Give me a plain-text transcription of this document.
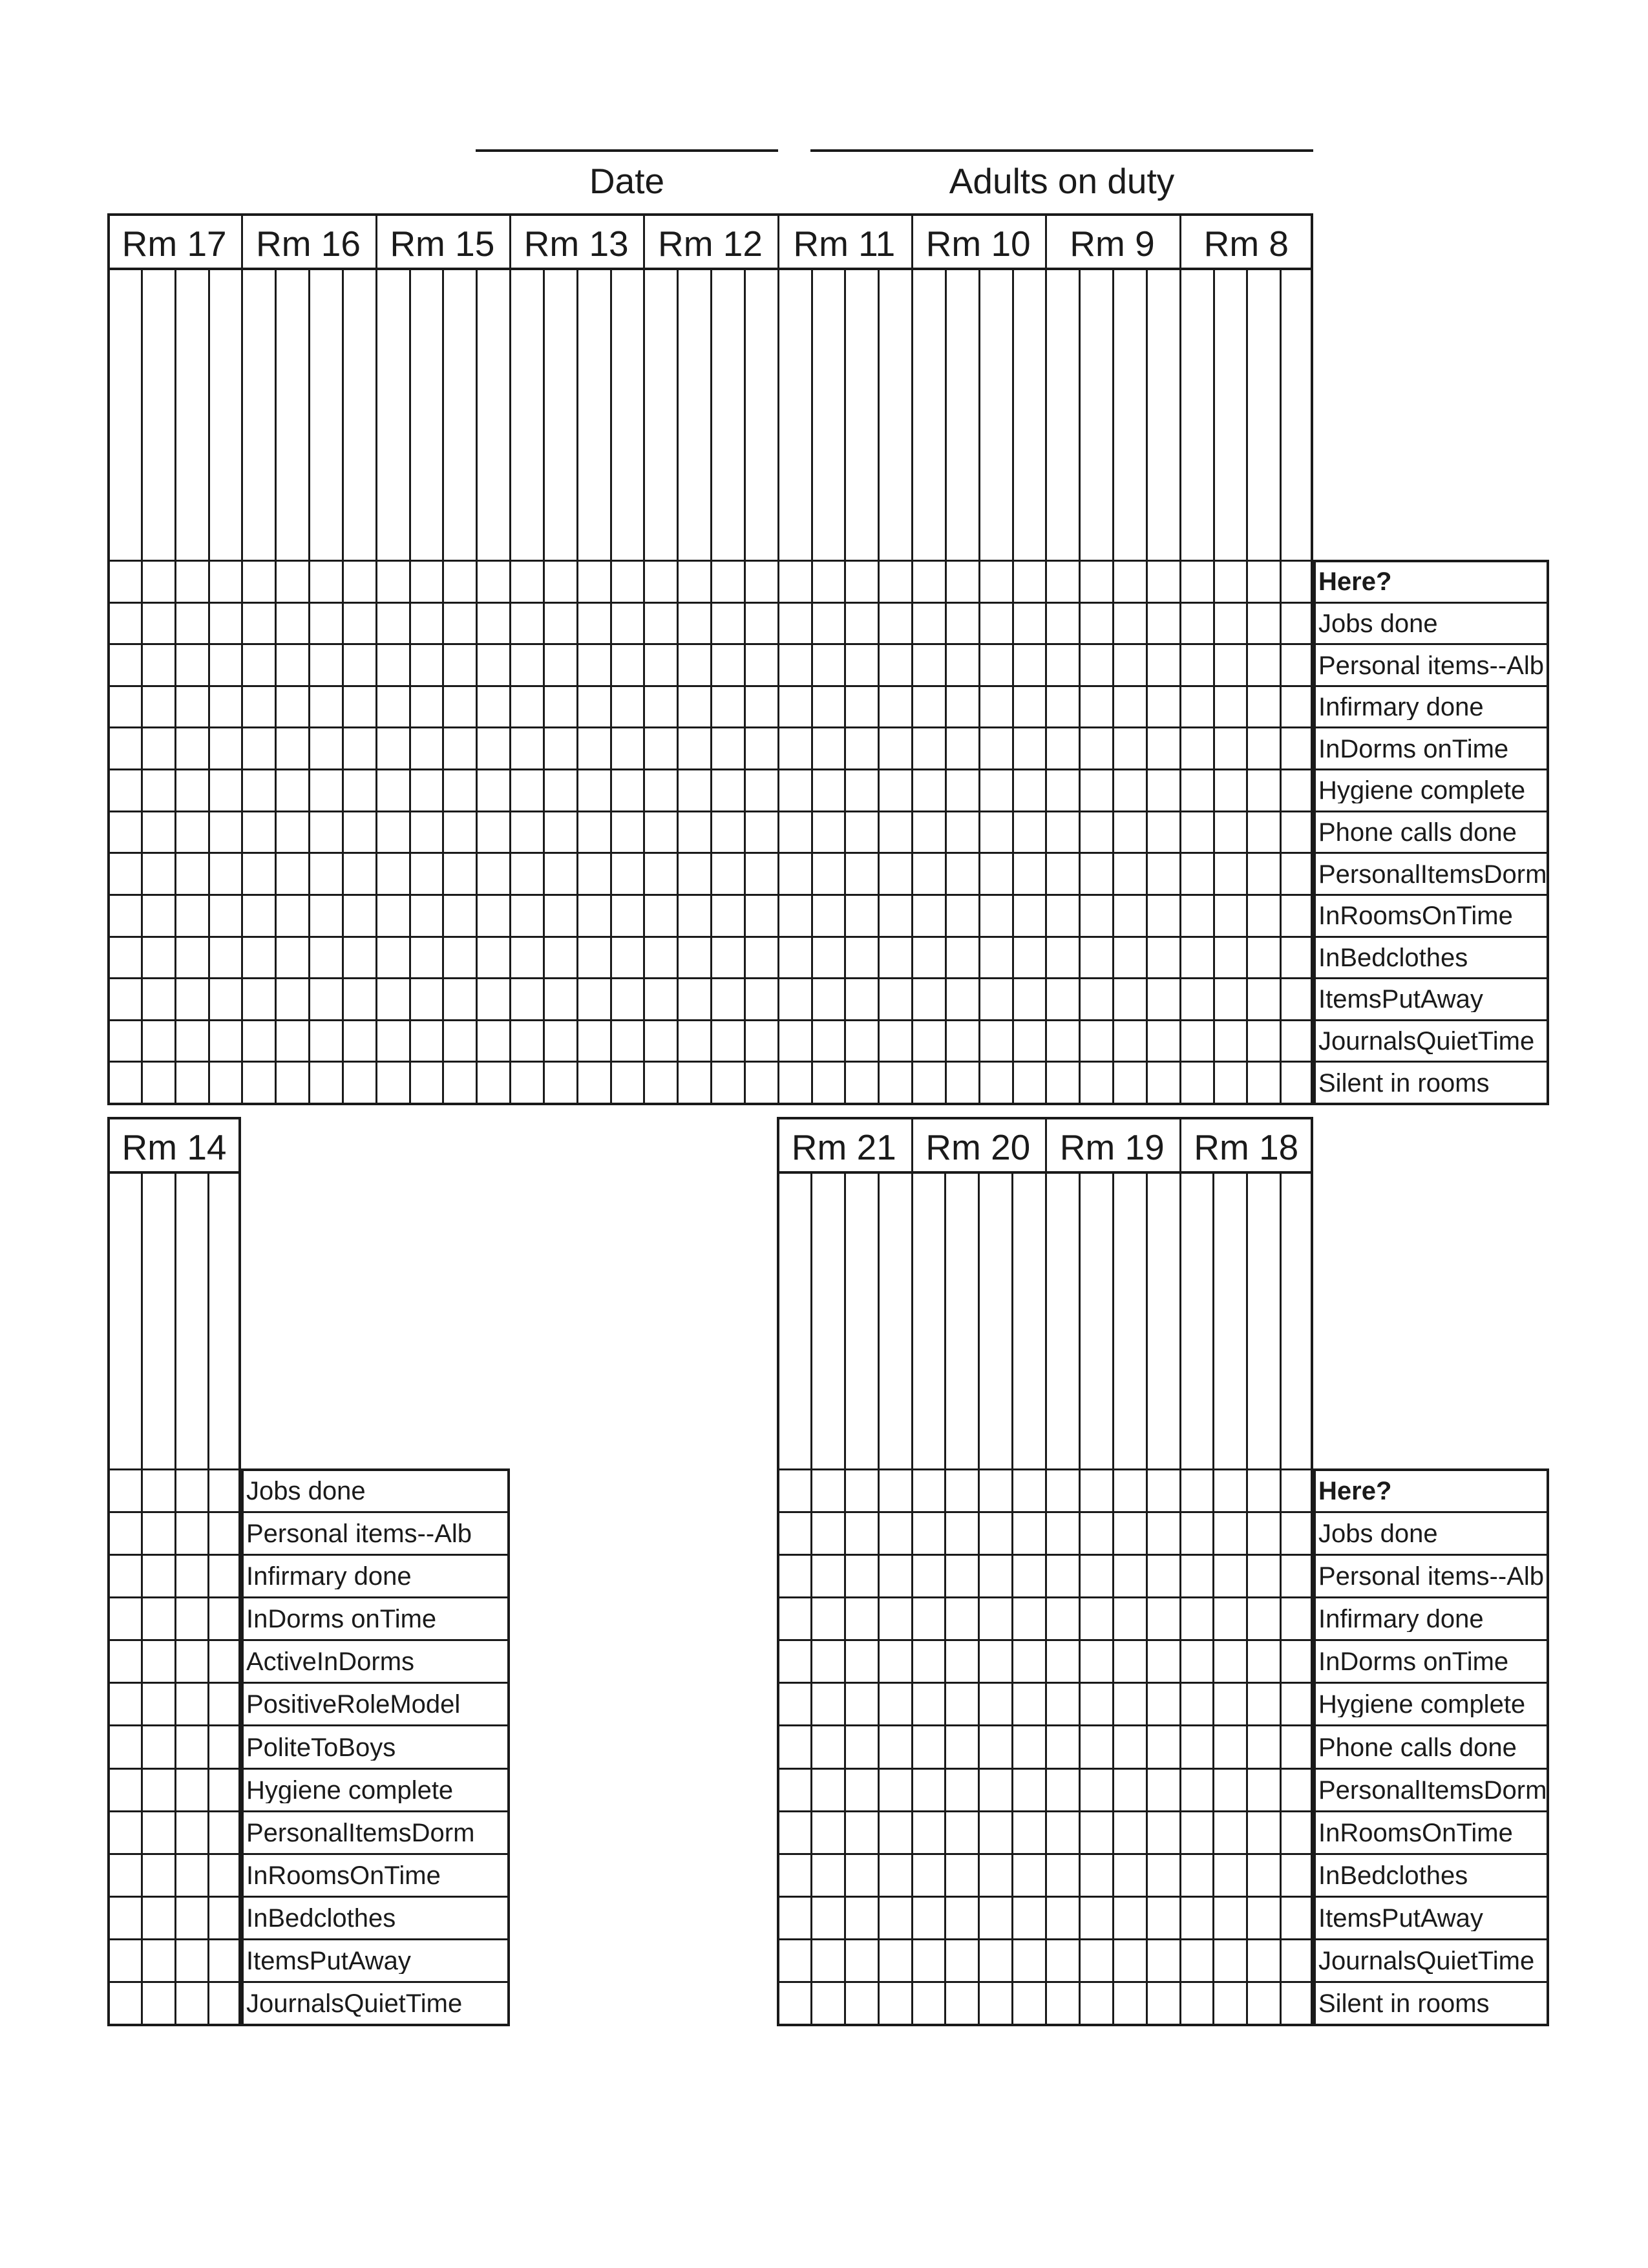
Date	Adults on duty
Rm 17 Rm 16 Rm 15 Rm 13 Rm 12 Rm 11 Rm 10	Rm 9	Rm 8
Here?
Jobs done
Personal items--Alb
Infirmary done
InDorms onTime
Hygiene complete
Phone calls done
PersonalItemsDorm
InRoomsOnTime
InBedclothes
ItemsPutAway
JournalsQuietTime
Silent in rooms
Rm 14
Jobs done
Personal items--Alb
Infirmary done
InDorms onTime
ActiveInDorms
PositiveRoleModel
PoliteToBoys
Hygiene complete
PersonalItemsDorm
InRoomsOnTime
InBedclothes
ItemsPutAway
JournalsQuietTime
Rm 21 Rm 20 Rm 19 Rm 18
Here?
Jobs done
Personal items--Alb
Infirmary done
InDorms onTime
Hygiene complete
Phone calls done
PersonalItemsDorm
InRoomsOnTime
InBedclothes
ItemsPutAway
JournalsQuietTime
Silent in rooms
